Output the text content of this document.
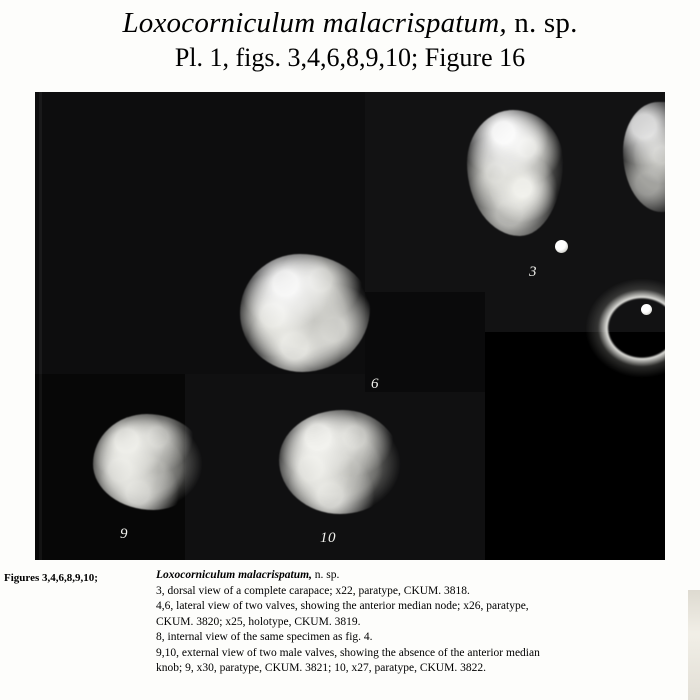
Loxocorniculum malacrispatum, n. sp.
Pl. 1, figs. 3,4,6,8,9,10; Figure 16
3
6
9	10
Figures 3,4,6,8,9,10;	Loxocorniculum malacrispatum, n. sp.
3, dorsal view of a complete carapace; x22, paratype, CKUM. 3818.
4,6, lateral view of two valves, showing the anterior median node; x26, paratype,
CKUM. 3820; x25, holotype, CKUM. 3819.
8, internal view of the same specimen as fig. 4.
9,10, external view of two male valves, showing the absence of the anterior median
knob; 9, x30, paratype, CKUM. 3821; 10, x27, paratype, CKUM. 3822.
